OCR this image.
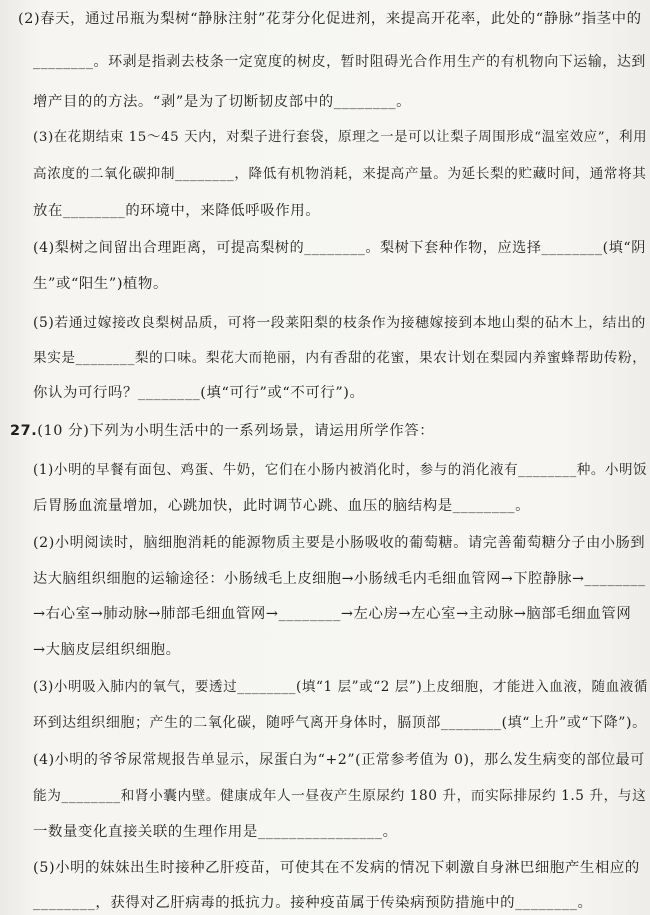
(2)春天，通过吊瓶为梨树“静脉注射”花芽分化促进剂，来提高开花率，此处的“静脉”指茎中的
________。环剥是指剥去枝条一定宽度的树皮，暂时阻碍光合作用生产的有机物向下运输，达到
增产目的的方法。“剥”是为了切断韧皮部中的________。
(3)在花期结束 15～45 天内，对梨子进行套袋，原理之一是可以让梨子周围形成“温室效应”，利用
高浓度的二氧化碳抑制________，降低有机物消耗，来提高产量。为延长梨的贮藏时间，通常将其
放在________的环境中，来降低呼吸作用。
(4)梨树之间留出合理距离，可提高梨树的________。梨树下套种作物，应选择________(填“阴
生”或“阳生”)植物。
(5)若通过嫁接改良梨树品质，可将一段莱阳梨的枝条作为接穗嫁接到本地山梨的砧木上，结出的
果实是________梨的口味。梨花大而艳丽，内有香甜的花蜜，果农计划在梨园内养蜜蜂帮助传粉，
你认为可行吗？________(填“可行”或“不可行”)。
27.(10 分)下列为小明生活中的一系列场景，请运用所学作答：
(1)小明的早餐有面包、鸡蛋、牛奶，它们在小肠内被消化时，参与的消化液有________种。小明饭
后胃肠血流量增加，心跳加快，此时调节心跳、血压的脑结构是________。
(2)小明阅读时，脑细胞消耗的能源物质主要是小肠吸收的葡萄糖。请完善葡萄糖分子由小肠到
达大脑组织细胞的运输途径：小肠绒毛上皮细胞→小肠绒毛内毛细血管网→下腔静脉→________
→右心室→肺动脉→肺部毛细血管网→________→左心房→左心室→主动脉→脑部毛细血管网
→大脑皮层组织细胞。
(3)小明吸入肺内的氧气，要透过________(填“1 层”或“2 层”)上皮细胞，才能进入血液，随血液循
环到达组织细胞；产生的二氧化碳，随呼气离开身体时，膈顶部________(填“上升”或“下降”)。
(4)小明的爷爷尿常规报告单显示，尿蛋白为“+2”(正常参考值为 0)，那么发生病变的部位最可
能为________和肾小囊内壁。健康成年人一昼夜产生原尿约 180 升，而实际排尿约 1.5 升，与这
一数量变化直接关联的生理作用是________________。
(5)小明的妹妹出生时接种乙肝疫苗，可使其在不发病的情况下刺激自身淋巴细胞产生相应的
________，获得对乙肝病毒的抵抗力。接种疫苗属于传染病预防措施中的________。
